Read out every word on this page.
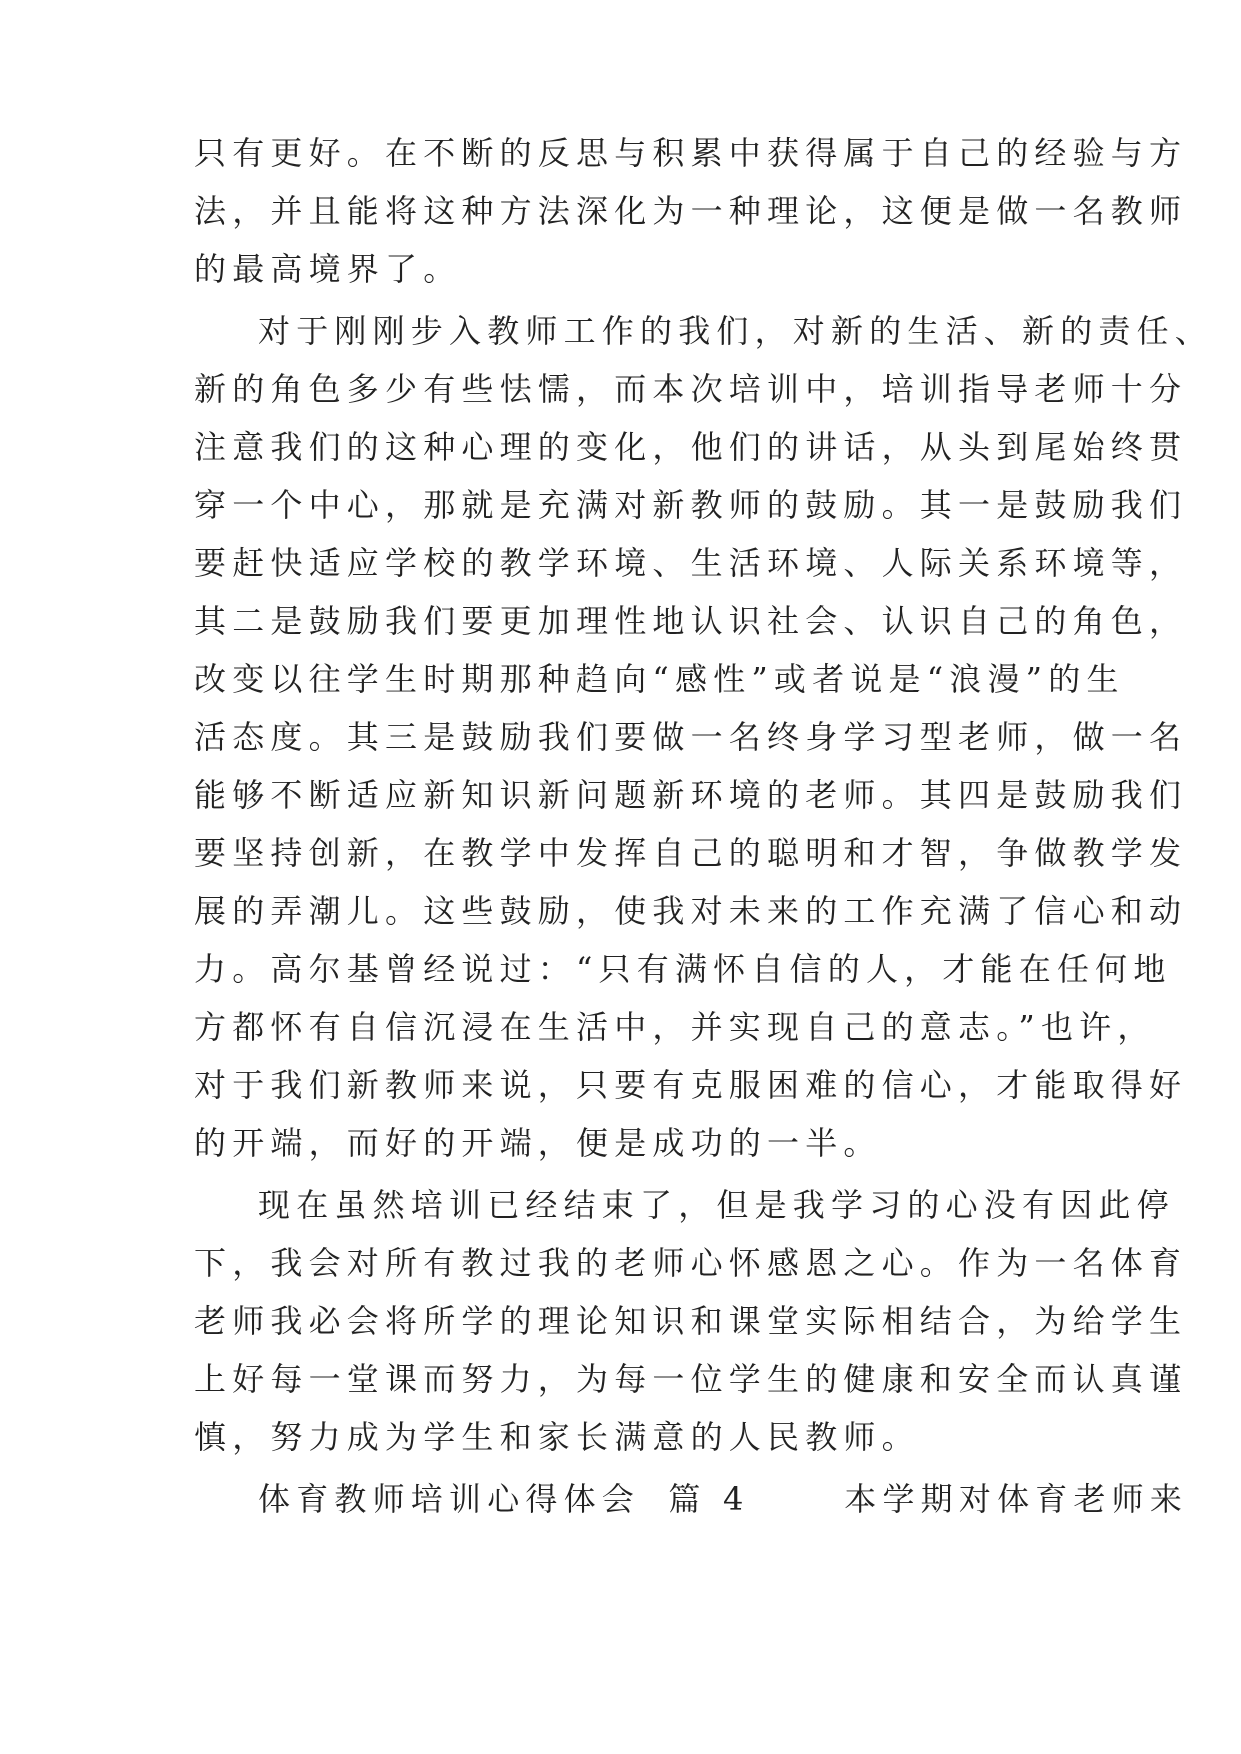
只有更好。在不断的反思与积累中获得属于自己的经验与方
法，并且能将这种方法深化为一种理论，这便是做一名教师
的最高境界了。
对于刚刚步入教师工作的我们，对新的生活、新的责任、
新的角色多少有些怯懦，而本次培训中，培训指导老师十分
注意我们的这种心理的变化，他们的讲话，从头到尾始终贯
穿一个中心，那就是充满对新教师的鼓励。其一是鼓励我们
要赶快适应学校的教学环境、生活环境、人际关系环境等，
其二是鼓励我们要更加理性地认识社会、认识自己的角色，
改变以往学生时期那种趋向“感性”或者说是“浪漫”的生
活态度。其三是鼓励我们要做一名终身学习型老师，做一名
能够不断适应新知识新问题新环境的老师。其四是鼓励我们
要坚持创新，在教学中发挥自己的聪明和才智，争做教学发
展的弄潮儿。这些鼓励，使我对未来的工作充满了信心和动
力。高尔基曾经说过：“只有满怀自信的人，才能在任何地
方都怀有自信沉浸在生活中，并实现自己的意志。”也许，
对于我们新教师来说，只要有克服困难的信心，才能取得好
的开端，而好的开端，便是成功的一半。
现在虽然培训已经结束了，但是我学习的心没有因此停
下，我会对所有教过我的老师心怀感恩之心。作为一名体育
老师我必会将所学的理论知识和课堂实际相结合，为给学生
上好每一堂课而努力，为每一位学生的健康和安全而认真谨
慎，努力成为学生和家长满意的人民教师。
体育教师培训心得体会 篇 4	本学期对体育老师来
